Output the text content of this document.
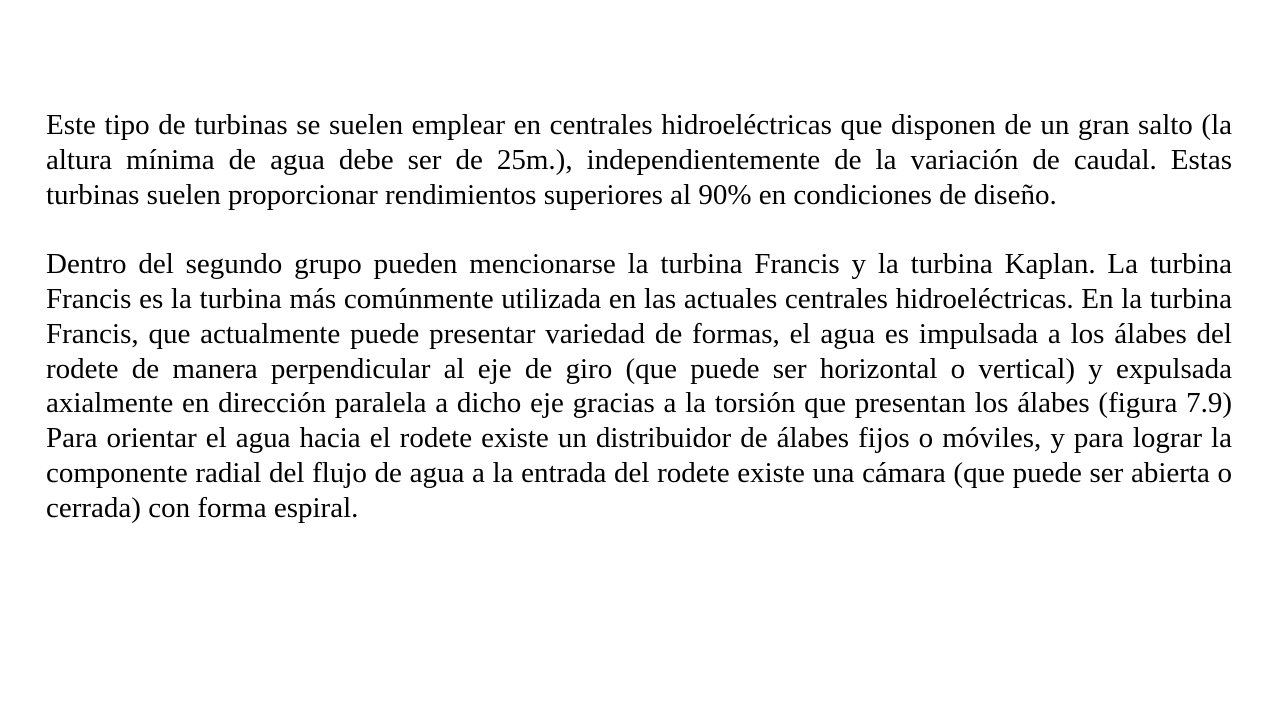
Este tipo de turbinas se suelen emplear en centrales hidroeléctricas que disponen de un gran salto (la altura mínima de agua debe ser de 25m.), independientemente de la variación de caudal. Estas turbinas suelen proporcionar rendimientos superiores al 90% en condiciones de diseño.

Dentro del segundo grupo pueden mencionarse la turbina Francis y la turbina Kaplan. La turbina Francis es la turbina más comúnmente utilizada en las actuales centrales hidroeléctricas. En la turbina Francis, que actualmente puede presentar variedad de formas, el agua es impulsada a los álabes del rodete de manera perpendicular al eje de giro (que puede ser horizontal o vertical) y expulsada axialmente en dirección paralela a dicho eje gracias a la torsión que presentan los álabes (figura 7.9) Para orientar el agua hacia el rodete existe un distribuidor de álabes fijos o móviles, y para lograr la componente radial del flujo de agua a la entrada del rodete existe una cámara (que puede ser abierta o cerrada) con forma espiral.
